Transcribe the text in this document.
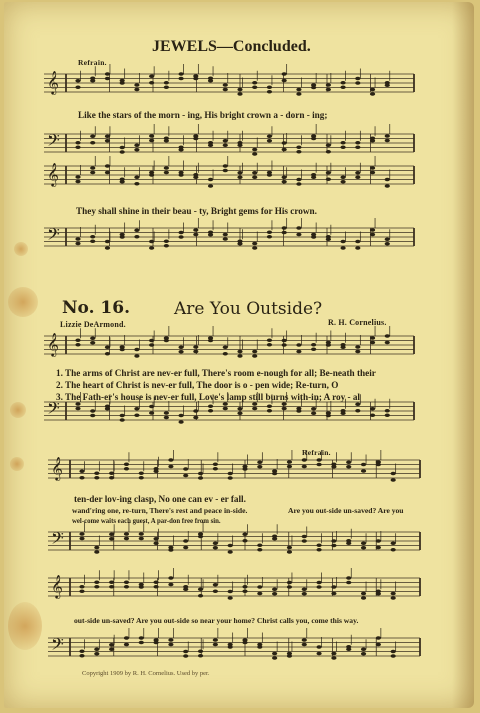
𝄞
𝄢
𝄞
𝄢
𝄞
𝄢
𝄞
𝄢
𝄞
𝄢
JEWELS—Concluded.
Refrain.
Like the stars of the morn - ing, His bright crown a - dorn - ing;
They shall shine in their beau - ty, Bright gems for His crown.
No. 16.	Are You Outside?
Lizzie DeArmond.	R. H. Cornelius.
1. The arms of Christ are nev-er full, There's room e-nough for all; Be-neath their
2. The heart of Christ is nev-er full, The door is o - pen wide; Re-turn, O
3. The Fath-er's house is nev-er full, Love's lamp still burns with-in; A roy - al
Refrain.
ten-der lov-ing clasp, No one can ev - er fall.
wand'ring one, re-turn, There's rest and peace in-side.
wel-come waits each guest, A par-don free from sin.
Are you out-side un-saved? Are you
out-side un-saved? Are you out-side so near your home? Christ calls you, come this way.
Copyright 1909 by R. H. Cornelius. Used by per.
